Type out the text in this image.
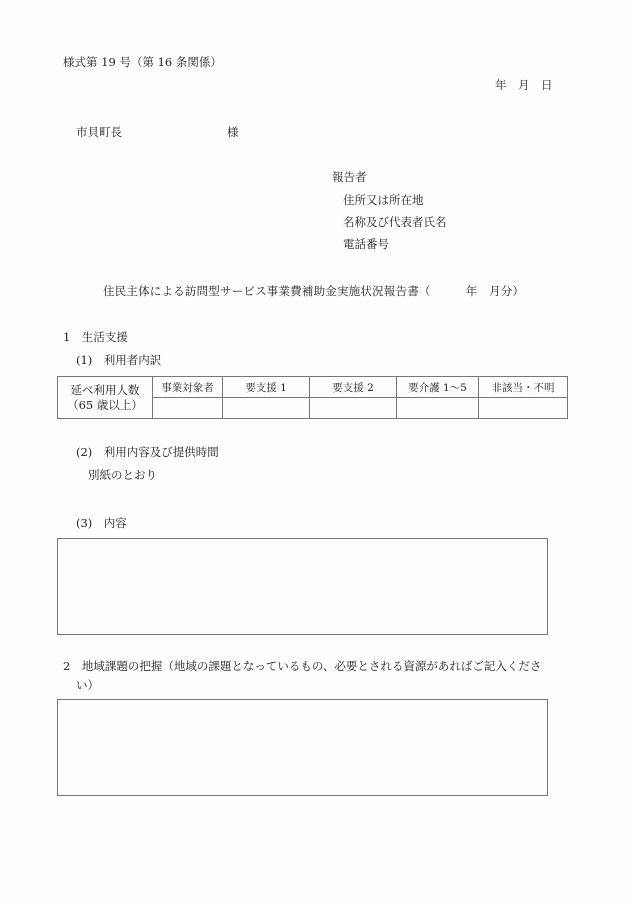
様式第 19 号（第 16 条関係）
年　月　日
市貝町長	様
報告者
住所又は所在地
名称及び代表者氏名
電話番号
住民主体による訪問型サービス事業費補助金実施状況報告書（　　　年　月分）
1　生活支援
(1)　利用者内訳
延べ利用人数
（65 歳以上）	事業対象者	要支援 1	要支援 2	要介護 1〜5	非該当・不明

(2)　利用内容及び提供時間
別紙のとおり
(3)　内容
2　地域課題の把握（地域の課題となっているもの、必要とされる資源があればご記入くださ
い）
